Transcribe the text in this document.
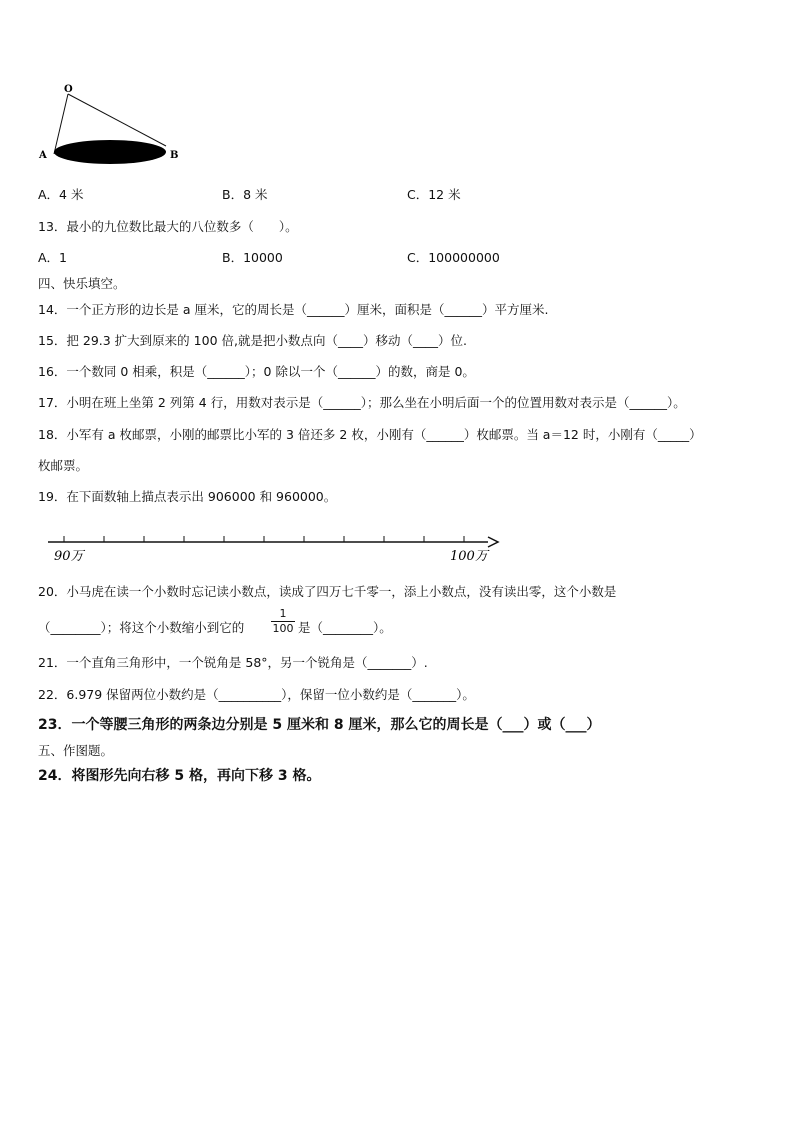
O
A	B
A．4 米	B．8 米	C．12 米
13．最小的九位数比最大的八位数多（　　）。
A．1	B．10000	C．100000000
四、快乐填空。
14．一个正方形的边长是 a 厘米，它的周长是（______）厘米，面积是（______）平方厘米.
15．把 29.3 扩大到原来的 100 倍,就是把小数点向（____）移动（____）位.
16．一个数同 0 相乘，积是（______）；0 除以一个（______）的数，商是 0。
17．小明在班上坐第 2 列第 4 行，用数对表示是（______）；那么坐在小明后面一个的位置用数对表示是（______）。
18．小军有 a 枚邮票，小刚的邮票比小军的 3 倍还多 2 枚，小刚有（______）枚邮票。当 a＝12 时，小刚有（_____）
枚邮票。
19．在下面数轴上描点表示出 906000 和 960000。
90万	100万
20．小马虎在读一个小数时忘记读小数点，读成了四万七千零一，添上小数点，没有读出零，这个小数是
（________）；将这个小数缩小到它的 $\frac{1}{100}$ 是（________）。
21．一个直角三角形中，一个锐角是 58°，另一个锐角是（_______）.
22．6.979 保留两位小数约是（__________），保留一位小数约是（_______）。
23．一个等腰三角形的两条边分别是 5 厘米和 8 厘米，那么它的周长是（___）或（___）
五、作图题。
24．将图形先向右移 5 格，再向下移 3 格。
